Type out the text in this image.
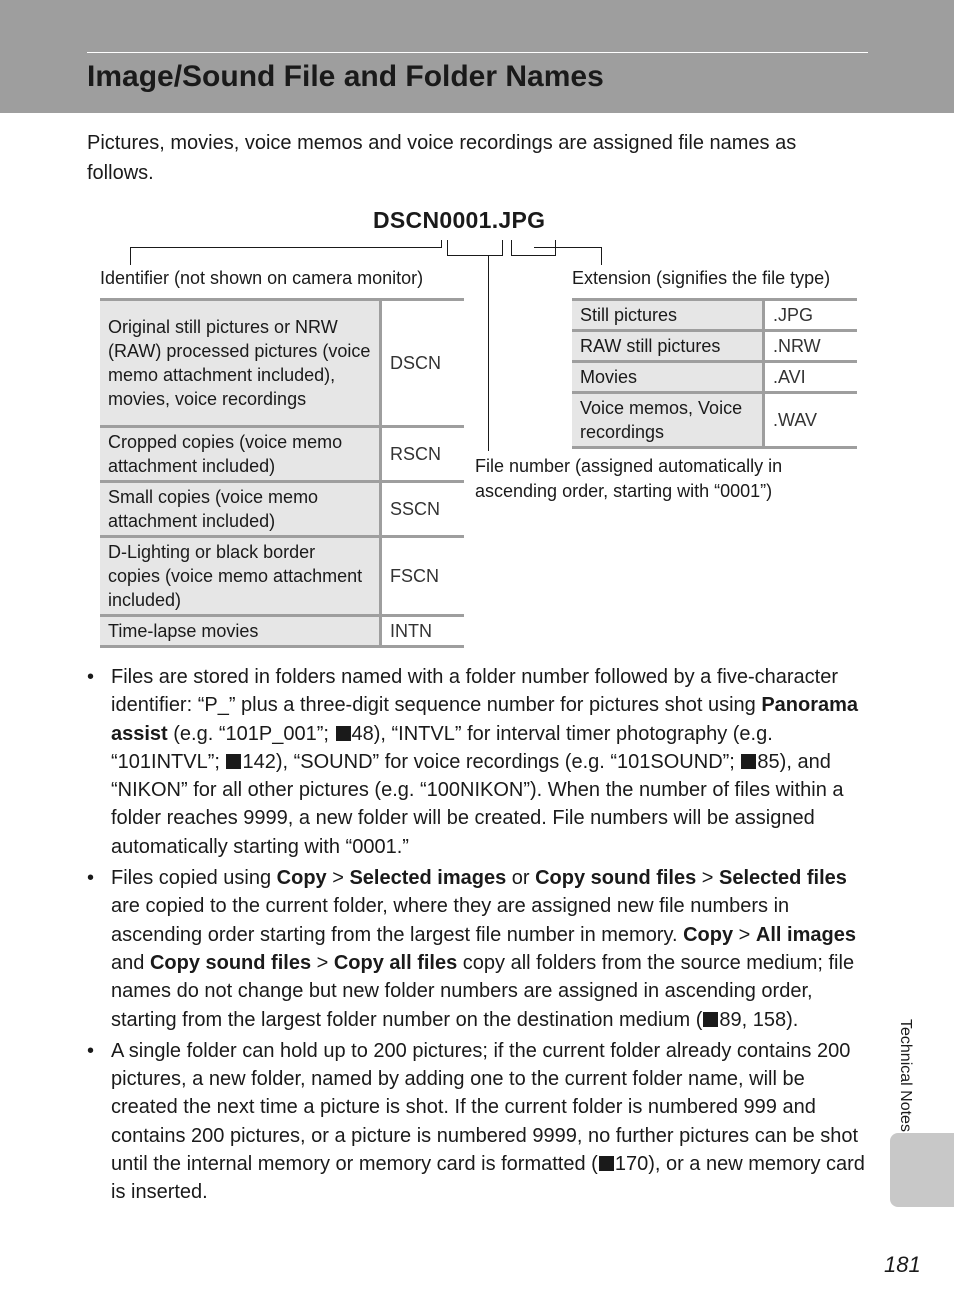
Image/Sound File and Folder Names

Pictures, movies, voice memos and voice recordings are assigned file names as follows.

DSCN0001.JPG
Identifier (not shown on camera monitor)	Extension (signifies the file type)
File number (assigned automatically in ascending order, starting with “0001”)
Original still pictures or NRW (RAW) processed pictures (voice memo attachment included), movies, voice recordings	DSCN
Cropped copies (voice memo attachment included)	RSCN
Small copies (voice memo attachment included)	SSCN
D-Lighting or black border copies (voice memo attachment included)	FSCN
Time-lapse movies	INTN
Still pictures	.JPG
RAW still pictures	.NRW
Movies	.AVI
Voice memos, Voice recordings	.WAV
• Files are stored in folders named with a folder number followed by a five-character identifier: “P_” plus a three-digit sequence number for pictures shot using Panorama assist (e.g. “101P_001”; 48), “INTVL” for interval timer photography (e.g. “101INTVL”; 142), “SOUND” for voice recordings (e.g. “101SOUND”; 85), and “NIKON” for all other pictures (e.g. “100NIKON”). When the number of files within a folder reaches 9999, a new folder will be created. File numbers will be assigned automatically starting with “0001.”
• Files copied using Copy > Selected images or Copy sound files > Selected files are copied to the current folder, where they are assigned new file numbers in ascending order starting from the largest file number in memory. Copy > All images and Copy sound files > Copy all files copy all folders from the source medium; file names do not change but new folder numbers are assigned in ascending order, starting from the largest folder number on the destination medium ( 89, 158).
• A single folder can hold up to 200 pictures; if the current folder already contains 200 pictures, a new folder, named by adding one to the current folder name, will be created the next time a picture is shot. If the current folder is numbered 999 and contains 200 pictures, or a picture is numbered 9999, no further pictures can be shot until the internal memory or memory card is formatted ( 170), or a new memory card is inserted.
Technical Notes
181
